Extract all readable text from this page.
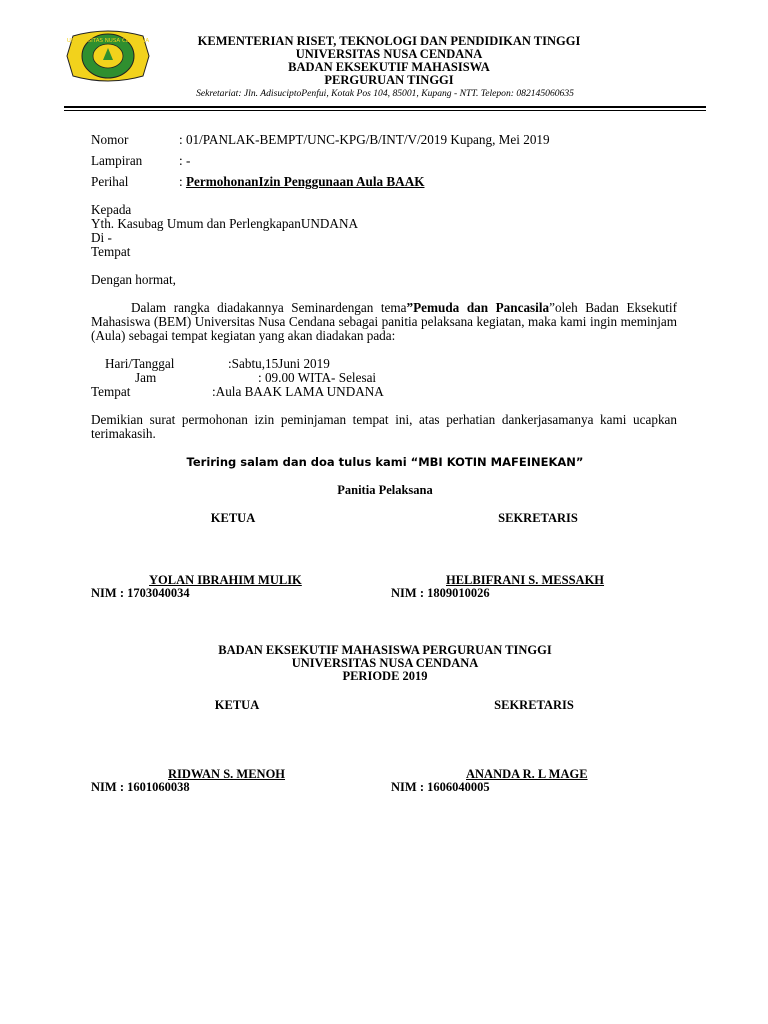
UNIVERSITAS NUSA CENDANA	KEMENTERIAN RISET, TEKNOLOGI DAN PENDIDIKAN TINGGI
UNIVERSITAS NUSA CENDANA
BADAN EKSEKUTIF MAHASISWA
PERGURUAN TINGGI
Sekretariat: Jln. AdisuciptoPenfui, Kotak Pos 104, 85001, Kupang - NTT. Telepon: 082145060635
Nomor	: 01/PANLAK-BEMPT/UNC-KPG/B/INT/V/2019 Kupang, Mei 2019
Lampiran	: -
Perihal	: PermohonanIzin Penggunaan Aula BAAK
Kepada
Yth. Kasubag Umum dan PerlengkapanUNDANA
Di -
Tempat
Dengan hormat,
Dalam rangka diadakannya Seminardengan tema”Pemuda dan Pancasila”oleh Badan Eksekutif Mahasiswa (BEM) Universitas Nusa Cendana sebagai panitia pelaksana kegiatan, maka kami ingin meminjam (Aula) sebagai tempat kegiatan yang akan diadakan pada:
Hari/Tanggal	:Sabtu,15Juni 2019
Jam	: 09.00 WITA- Selesai
Tempat	:Aula BAAK LAMA UNDANA
Demikian surat permohonan izin peminjaman tempat ini, atas perhatian dankerjasamanya kami ucapkan terimakasih.
Teriring salam dan doa tulus kami “MBI KOTIN MAFEINEKAN”
Panitia Pelaksana
KETUA	SEKRETARIS
YOLAN IBRAHIM MULIK	HELBIFRANI S. MESSAKH
NIM : 1703040034	NIM : 1809010026
BADAN EKSEKUTIF MAHASISWA PERGURUAN TINGGI
UNIVERSITAS NUSA CENDANA
PERIODE 2019
KETUA	SEKRETARIS
RIDWAN S. MENOH	ANANDA R. L MAGE
NIM : 1601060038	NIM : 1606040005
